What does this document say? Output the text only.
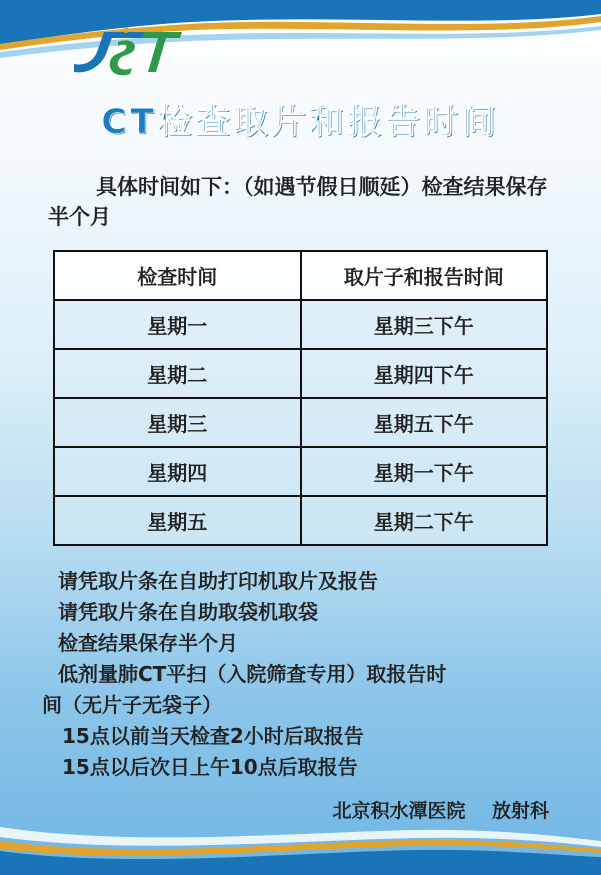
CT检查取片和报告时间
具体时间如下：（如遇节假日顺延）检查结果保存半个月
检查时间	取片子和报告时间
星期一	星期三下午
星期二	星期四下午
星期三	星期五下午
星期四	星期一下午
星期五	星期二下午
请凭取片条在自助打印机取片及报告
请凭取片条在自助取袋机取袋
检查结果保存半个月
低剂量肺CT平扫（入院筛查专用）取报告时
间（无片子无袋子）
15点以前当天检查2小时后取报告
15点以后次日上午10点后取报告
北京积水潭医院 放射科
